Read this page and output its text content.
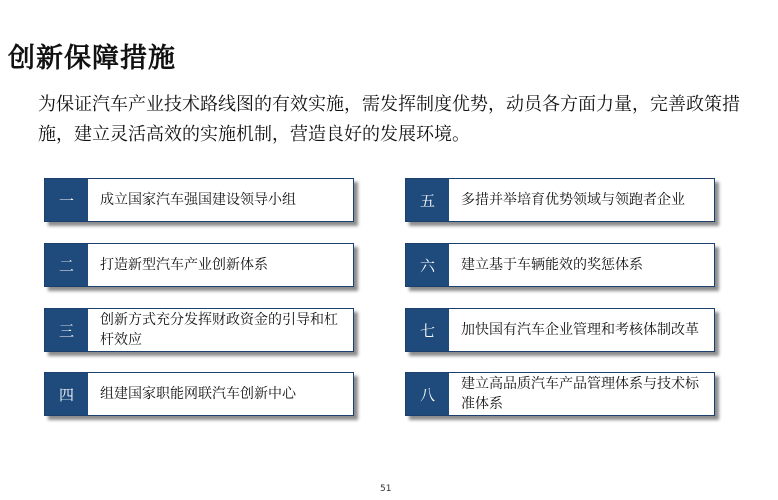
创新保障措施
为保证汽车产业技术路线图的有效实施，需发挥制度优势，动员各方面力量，完善政策措施，建立灵活高效的实施机制，营造良好的发展环境。
一	成立国家汽车强国建设领导小组
二	打造新型汽车产业创新体系
三
创新方式充分发挥财政资金的引导和杠杆效应
四	组建国家职能网联汽车创新中心
五	多措并举培育优势领域与领跑者企业
六	建立基于车辆能效的奖惩体系
七	加快国有汽车企业管理和考核体制改革
八
建立高品质汽车产品管理体系与技术标准体系
51
